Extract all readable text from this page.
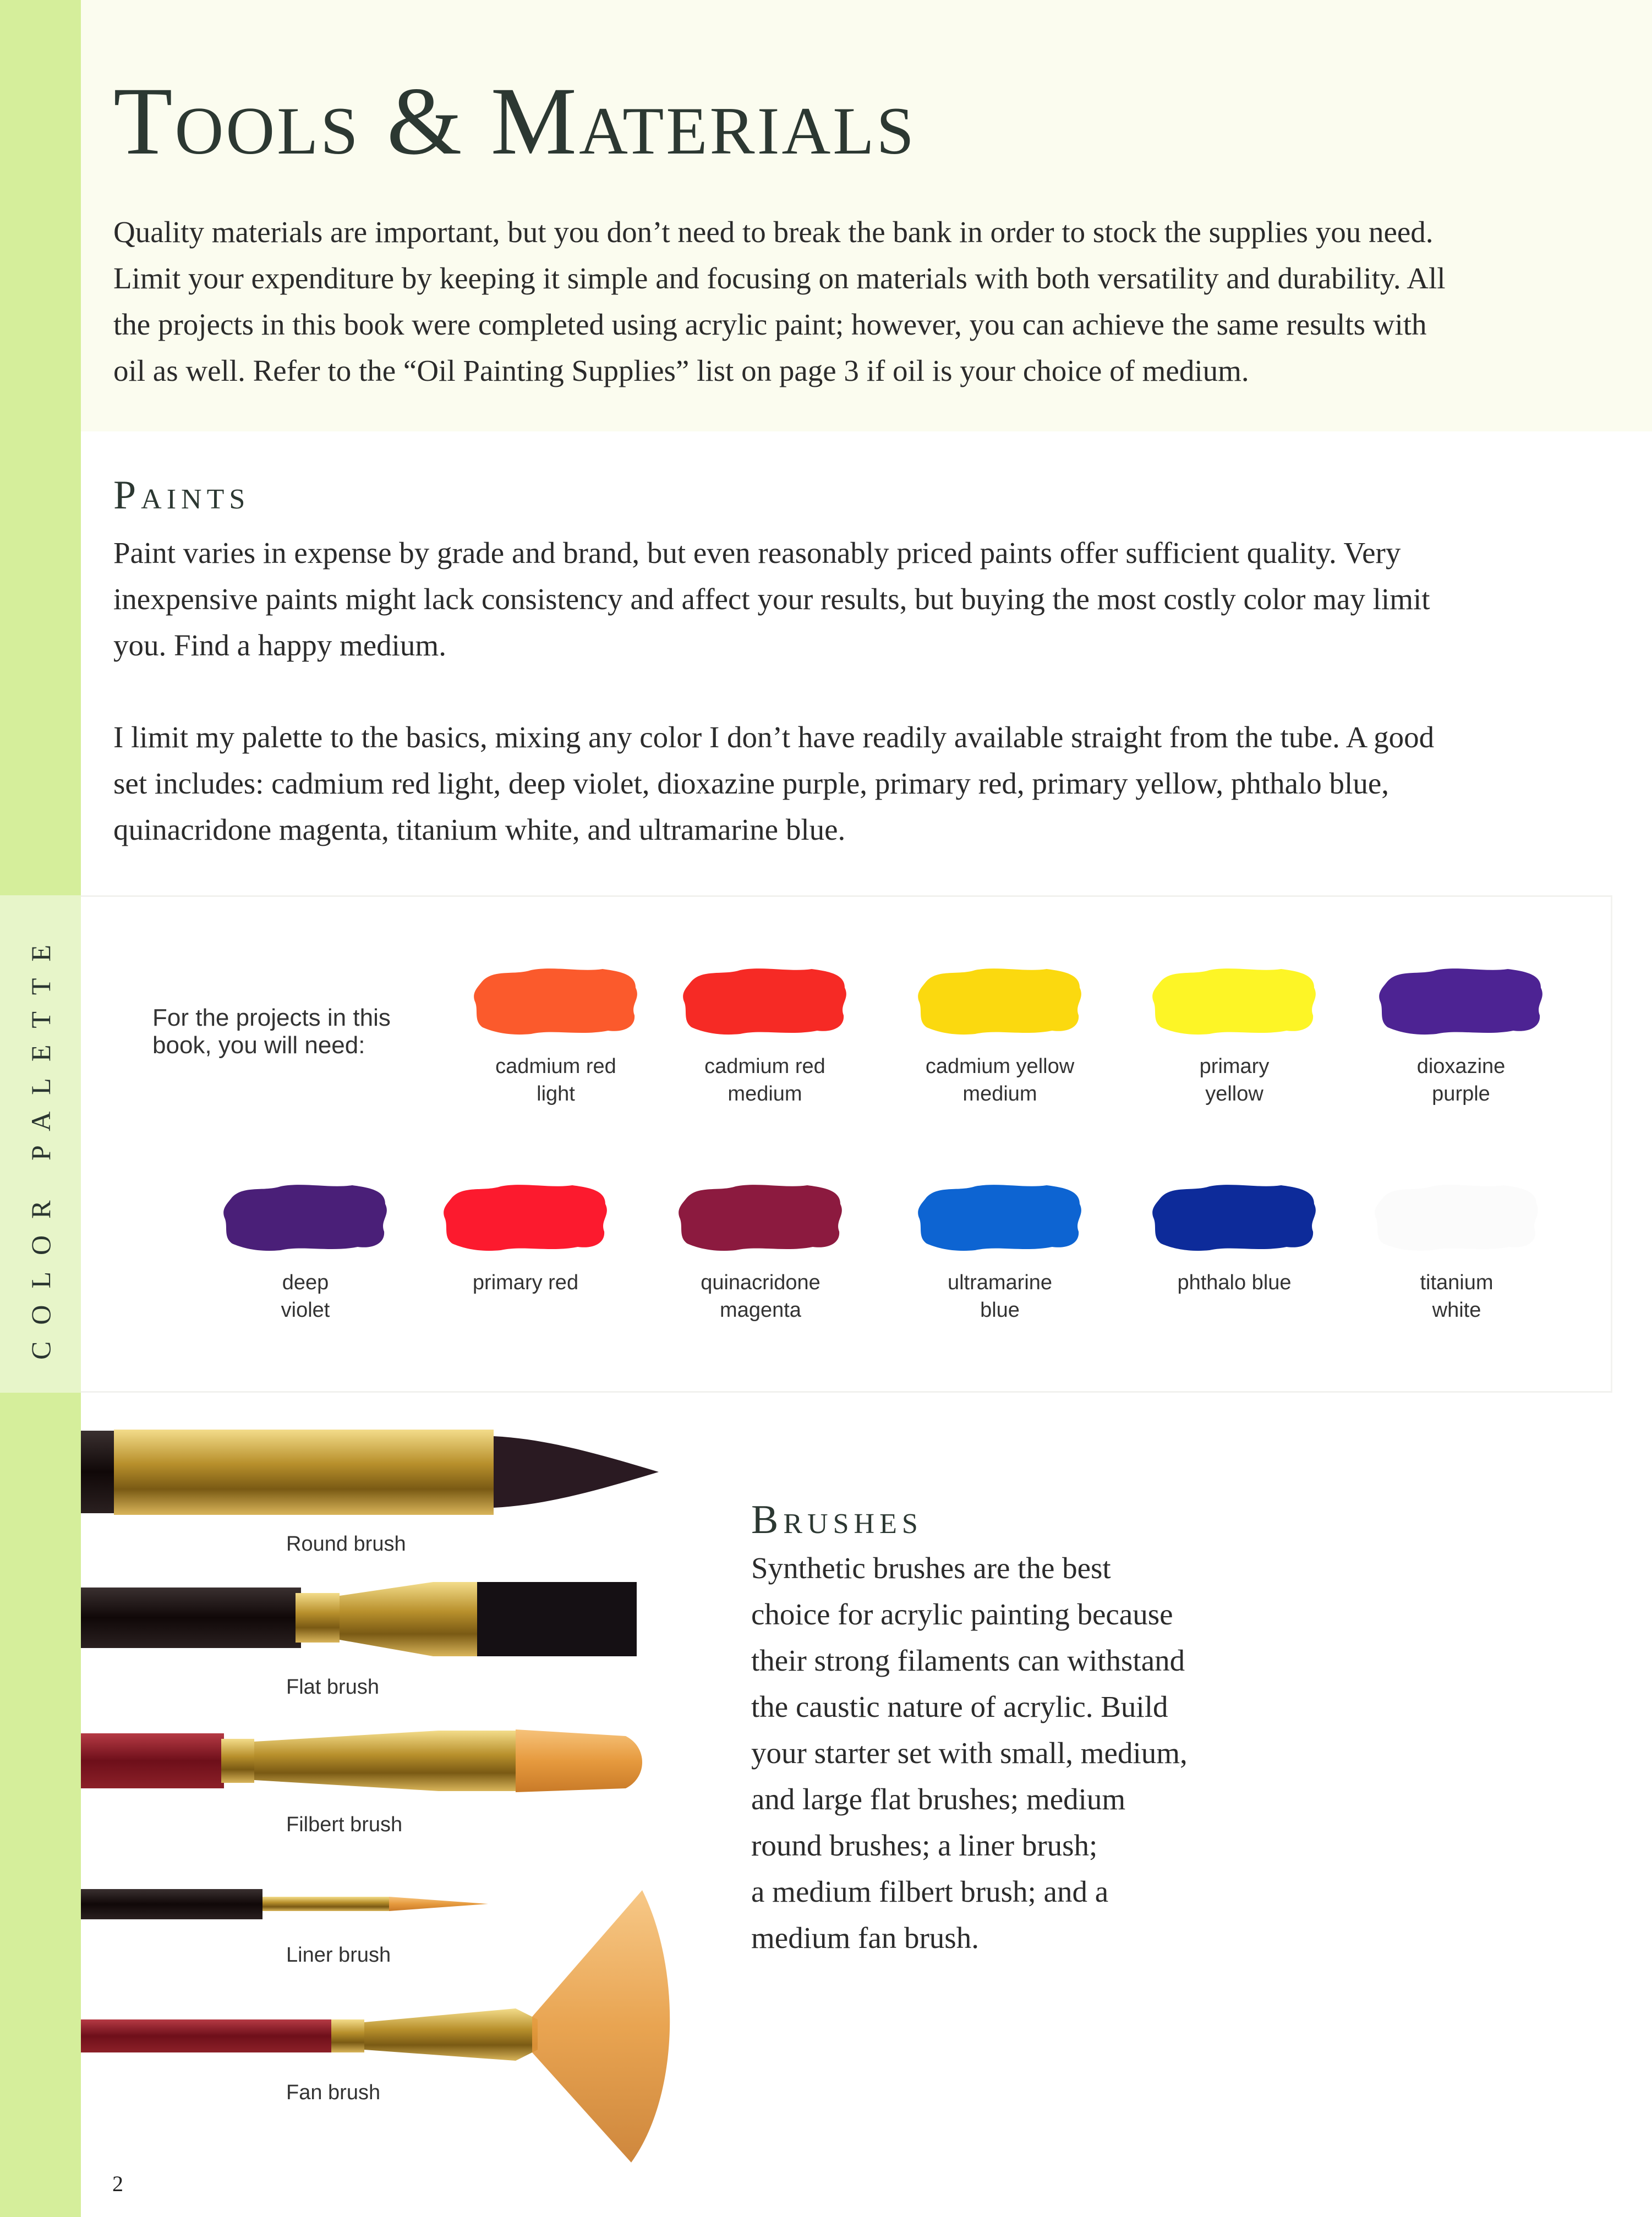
COLOR PALETTE
Tools & Materials
Quality materials are important, but you don’t need to break the bank in order to stock the supplies you need.
Limit your expenditure by keeping it simple and focusing on materials with both versatility and durability. All
the projects in this book were completed using acrylic paint; however, you can achieve the same results with
oil as well. Refer to the “Oil Painting Supplies” list on page 3 if oil is your choice of medium.
Paints
Paint varies in expense by grade and brand, but even reasonably priced paints offer sufficient quality. Very
inexpensive paints might lack consistency and affect your results, but buying the most costly color may limit
you. Find a happy medium.
I limit my palette to the basics, mixing any color I don’t have readily available straight from the tube. A good
set includes: cadmium red light, deep violet, dioxazine purple, primary red, primary yellow, phthalo blue,
quinacridone magenta, titanium white, and ultramarine blue.
For the projects in this
book, you will need:
cadmium red
light
cadmium red
medium
cadmium yellow
medium
primary
yellow
dioxazine
purple
deep
violet
primary red	quinacridone
magenta
ultramarine
blue
phthalo blue	titanium
white
Brushes
Synthetic brushes are the best
choice for acrylic painting because
their strong filaments can withstand
the caustic nature of acrylic. Build
your starter set with small, medium,
and large flat brushes; medium
round brushes; a liner brush;
a medium filbert brush; and a
medium fan brush.
Round brush
Flat brush
Filbert brush
Liner brush
Fan brush
2
